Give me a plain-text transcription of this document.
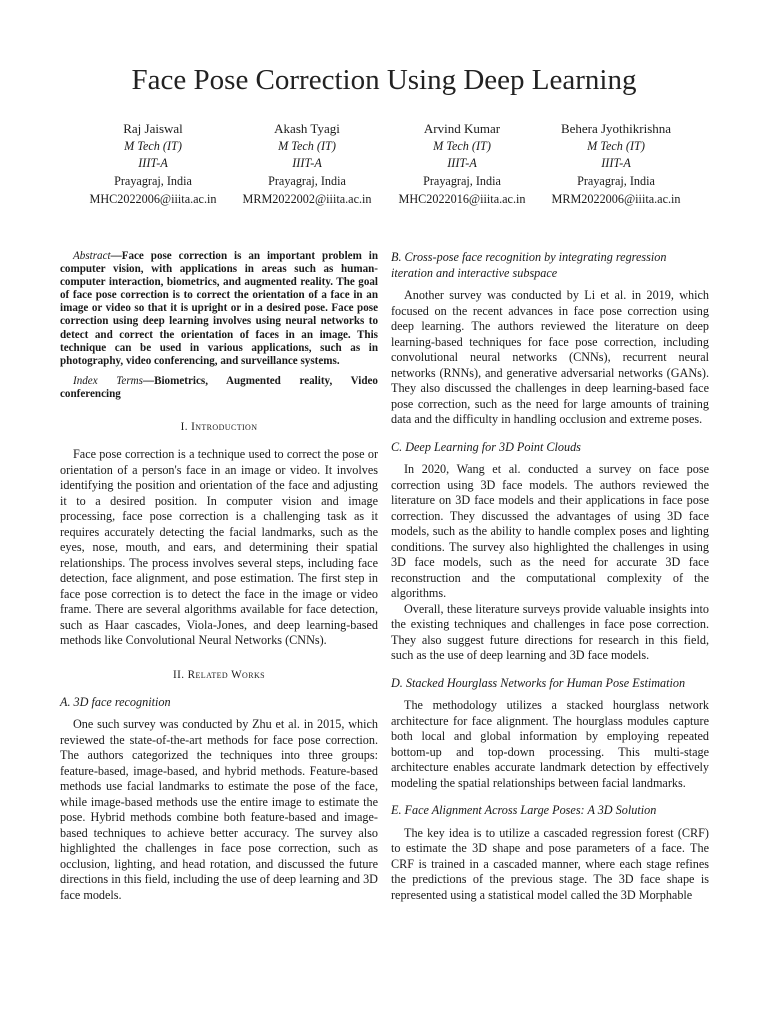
Face Pose Correction Using Deep Learning
Raj Jaiswal
M Tech (IT)
IIIT-A
Prayagraj, India
MHC2022006@iiita.ac.in
Akash Tyagi
M Tech (IT)
IIIT-A
Prayagraj, India
MRM2022002@iiita.ac.in
Arvind Kumar
M Tech (IT)
IIIT-A
Prayagraj, India
MHC2022016@iiita.ac.in
Behera Jyothikrishna
M Tech (IT)
IIIT-A
Prayagraj, India
MRM2022006@iiita.ac.in

Abstract—Face pose correction is an important problem in computer vision, with applications in areas such as human-computer interaction, biometrics, and augmented reality. The goal of face pose correction is to correct the orientation of a face in an image or video so that it is upright or in a desired pose. Face pose correction using deep learning involves using neural networks to detect and correct the orientation of faces in an image. This technique can be used in various applications, such as in photography, video conferencing, and surveillance systems.

Index Terms—Biometrics, Augmented reality, Video conferencing

I. Introduction

Face pose correction is a technique used to correct the pose or orientation of a person's face in an image or video. It involves identifying the position and orientation of the face and adjusting it to a desired position. In computer vision and image processing, face pose correction is a challenging task as it requires accurately detecting the facial landmarks, such as the eyes, nose, mouth, and ears, and determining their spatial relationships. The process involves several steps, including face detection, face alignment, and pose estimation. The first step in face pose correction is to detect the face in the image or video frame. There are several algorithms available for face detection, such as Haar cascades, Viola-Jones, and deep learning-based methods like Convolutional Neural Networks (CNNs).

II. Related Works
A. 3D face recognition

One such survey was conducted by Zhu et al. in 2015, which reviewed the state-of-the-art methods for face pose correction. The authors categorized the techniques into three groups: feature-based, image-based, and hybrid methods. Feature-based methods use facial landmarks to estimate the pose of the face, while image-based methods use the entire image to estimate the pose. Hybrid methods combine both feature-based and image-based techniques to achieve better accuracy. The survey also highlighted the challenges in face pose correction, such as occlusion, lighting, and head rotation, and discussed the future directions in this field, including the use of deep learning and 3D face models.

B. Cross-pose face recognition by integrating regression iteration and interactive subspace

Another survey was conducted by Li et al. in 2019, which focused on the recent advances in face pose correction using deep learning. The authors reviewed the literature on deep learning-based techniques for face pose correction, including convolutional neural networks (CNNs), recurrent neural networks (RNNs), and generative adversarial networks (GANs). They also discussed the challenges in deep learning-based face pose correction, such as the need for large amounts of training data and the difficulty in handling occlusion and extreme poses.

C. Deep Learning for 3D Point Clouds

In 2020, Wang et al. conducted a survey on face pose correction using 3D face models. The authors reviewed the literature on 3D face models and their applications in face pose correction. They discussed the advantages of using 3D face models, such as the ability to handle complex poses and lighting conditions. The survey also highlighted the challenges in using 3D face models, such as the need for accurate 3D face reconstruction and the computational complexity of the algorithms.

Overall, these literature surveys provide valuable insights into the existing techniques and challenges in face pose correction. They also suggest future directions for research in this field, such as the use of deep learning and 3D face models.

D. Stacked Hourglass Networks for Human Pose Estimation

The methodology utilizes a stacked hourglass network architecture for face alignment. The hourglass modules capture both local and global information by employing repeated bottom-up and top-down processing. This multi-stage architecture enables accurate landmark detection by effectively modeling the spatial relationships between facial landmarks.

E. Face Alignment Across Large Poses: A 3D Solution

The key idea is to utilize a cascaded regression forest (CRF) to estimate the 3D shape and pose parameters of a face. The CRF is trained in a cascaded manner, where each stage refines the predictions of the previous stage. The 3D face shape is represented using a statistical model called the 3D Morphable
